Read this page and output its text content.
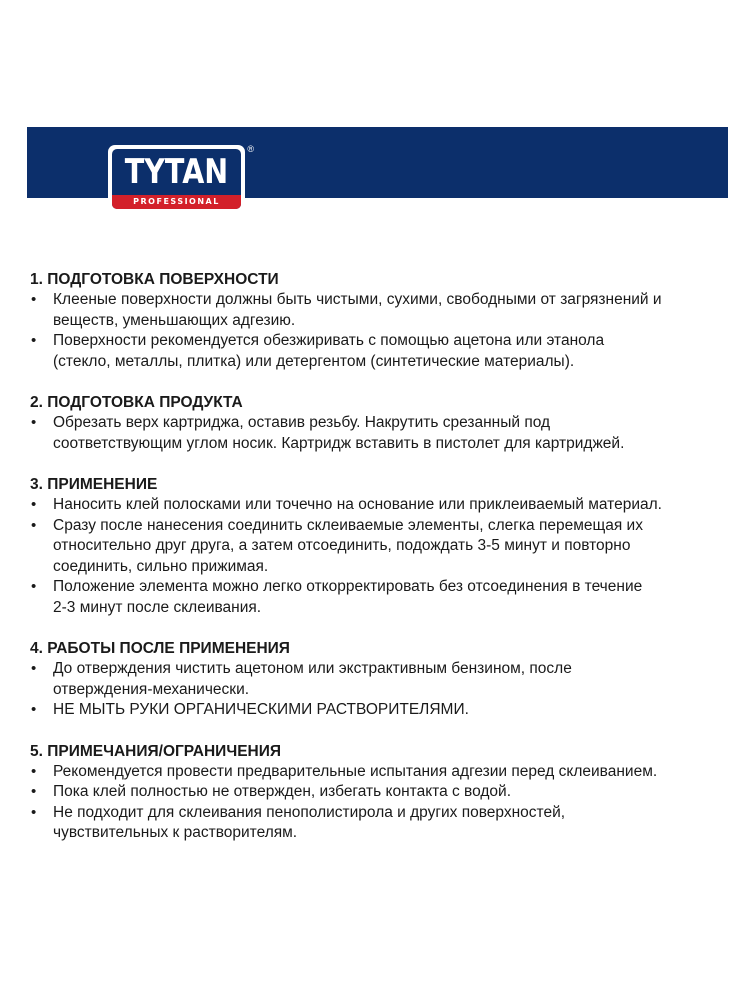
TYTAN
PROFESSIONAL
®
1. ПОДГОТОВКА ПОВЕРХНОСТИ
• Клееные поверхности должны быть чистыми, сухими, свободными от загрязнений и
веществ, уменьшающих адгезию.
• Поверхности рекомендуется обезжиривать с помощью ацетона или этанола
(стекло, металлы, плитка) или детергентом (синтетические материалы).
2. ПОДГОТОВКА ПРОДУКТА
• Обрезать верх картриджа, оставив резьбу. Накрутить срезанный под
соответствующим углом носик. Картридж вставить в пистолет для картриджей.
3. ПРИМЕНЕНИЕ
• Наносить клей полосками или точечно на основание или приклеиваемый материал.
• Сразу после нанесения соединить склеиваемые элементы, слегка перемещая их
относительно друг друга, а затем отсоединить, подождать 3-5 минут и повторно
соединить, сильно прижимая.
• Положение элемента можно легко откорректировать без отсоединения в течение
2-3 минут после склеивания.
4. РАБОТЫ ПОСЛЕ ПРИМЕНЕНИЯ
• До отверждения чистить ацетоном или экстрактивным бензином, после
отверждения-механически.
• НЕ МЫТЬ РУКИ ОРГАНИЧЕСКИМИ РАСТВОРИТЕЛЯМИ.
5. ПРИМЕЧАНИЯ/ОГРАНИЧЕНИЯ
• Рекомендуется провести предварительные испытания адгезии перед склеиванием.
• Пока клей полностью не отвержден, избегать контакта с водой.
• Не подходит для склеивания пенополистирола и других поверхностей,
чувствительных к растворителям.
